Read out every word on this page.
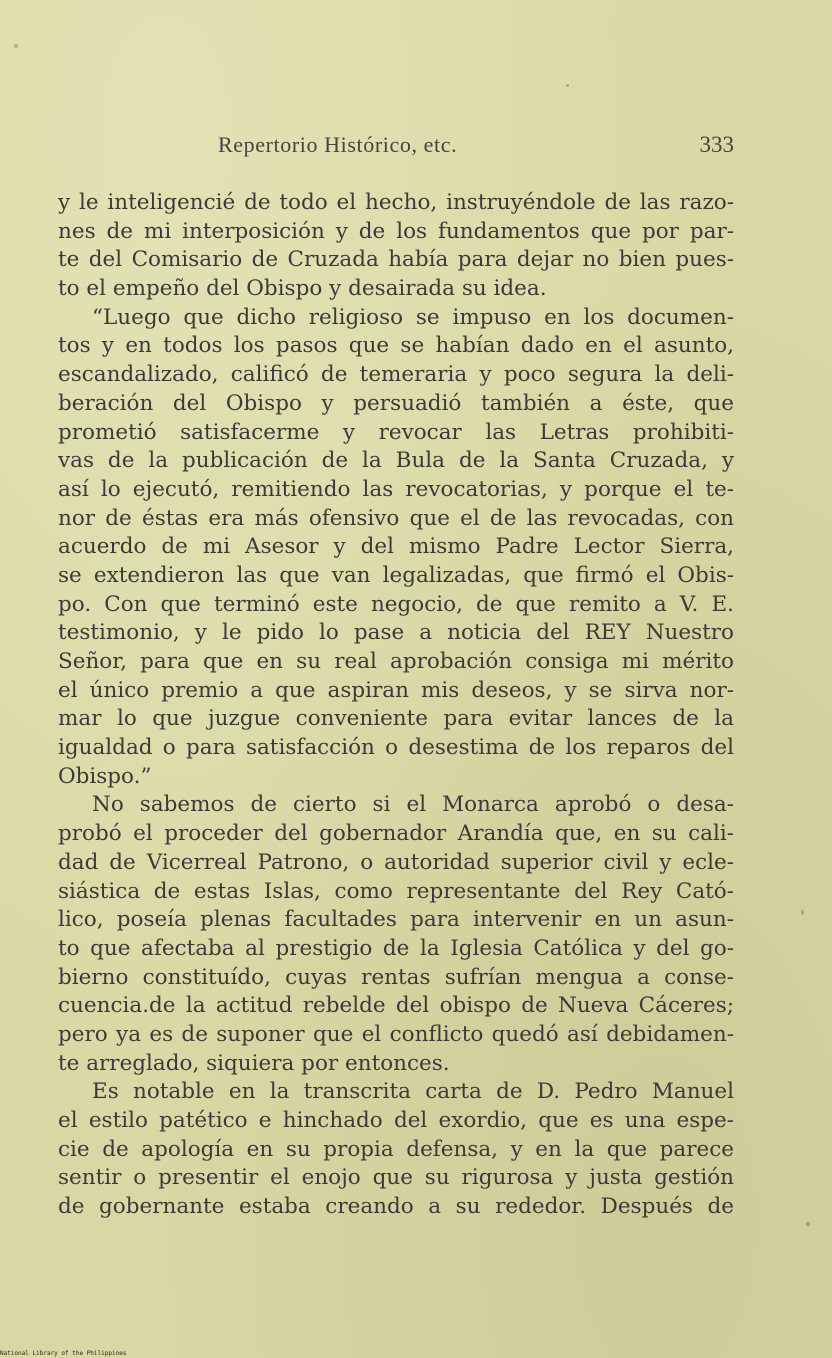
Repertorio Histórico, etc.	333
y le inteligencié de todo el hecho, instruyéndole de las razo-
nes de mi interposición y de los fundamentos que por par-
te del Comisario de Cruzada había para dejar no bien pues-
to el empeño del Obispo y desairada su idea.
“Luego que dicho religioso se impuso en los documen-
tos y en todos los pasos que se habían dado en el asunto,
escandalizado, calificó de temeraria y poco segura la deli-
beración del Obispo y persuadió también a éste, que
prometió satisfacerme y revocar las Letras prohibiti-
vas de la publicación de la Bula de la Santa Cruzada, y
así lo ejecutó, remitiendo las revocatorias, y porque el te-
nor de éstas era más ofensivo que el de las revocadas, con
acuerdo de mi Asesor y del mismo Padre Lector Sierra,
se extendieron las que van legalizadas, que firmó el Obis-
po. Con que terminó este negocio, de que remito a V. E.
testimonio, y le pido lo pase a noticia del REY Nuestro
Señor, para que en su real aprobación consiga mi mérito
el único premio a que aspiran mis deseos, y se sirva nor-
mar lo que juzgue conveniente para evitar lances de la
igualdad o para satisfacción o desestima de los reparos del
Obispo.”
No sabemos de cierto si el Monarca aprobó o desa-
probó el proceder del gobernador Arandía que, en su cali-
dad de Vicerreal Patrono, o autoridad superior civil y ecle-
siástica de estas Islas, como representante del Rey Cató-
lico, poseía plenas facultades para intervenir en un asun-
to que afectaba al prestigio de la Iglesia Católica y del go-
bierno constituído, cuyas rentas sufrían mengua a conse-
cuencia.de la actitud rebelde del obispo de Nueva Cáceres;
pero ya es de suponer que el conflicto quedó así debidamen-
te arreglado, siquiera por entonces.
Es notable en la transcrita carta de D. Pedro Manuel
el estilo patético e hinchado del exordio, que es una espe-
cie de apología en su propia defensa, y en la que parece
sentir o presentir el enojo que su rigurosa y justa gestión
de gobernante estaba creando a su rededor. Después de
National Library of the Philippines
